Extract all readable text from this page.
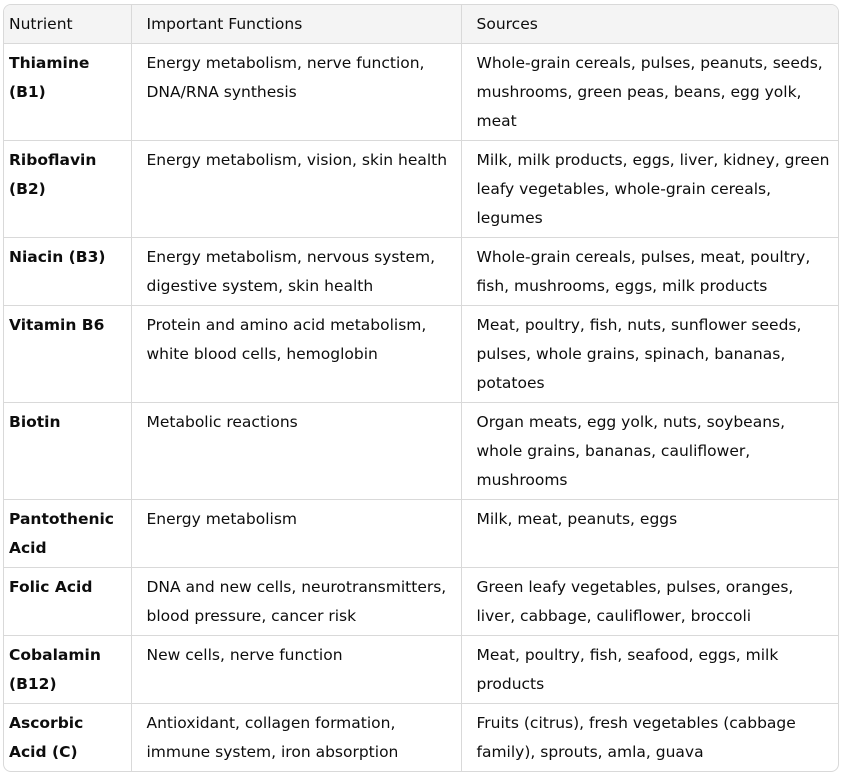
Nutrient	Important Functions	Sources
Thiamine (B1)	Energy metabolism, nerve function, DNA/RNA synthesis	Whole-grain cereals, pulses, peanuts, seeds, mushrooms, green peas, beans, egg yolk, meat
Riboflavin (B2)	Energy metabolism, vision, skin health	Milk, milk products, eggs, liver, kidney, green leafy vegetables, whole-grain cereals, legumes
Niacin (B3)	Energy metabolism, nervous system, digestive system, skin health	Whole-grain cereals, pulses, meat, poultry, fish, mushrooms, eggs, milk products
Vitamin B6	Protein and amino acid metabolism, white blood cells, hemoglobin	Meat, poultry, fish, nuts, sunflower seeds, pulses, whole grains, spinach, bananas, potatoes
Biotin	Metabolic reactions	Organ meats, egg yolk, nuts, soybeans, whole grains, bananas, cauliflower, mushrooms
Pantothenic Acid	Energy metabolism	Milk, meat, peanuts, eggs
Folic Acid	DNA and new cells, neurotransmitters, blood pressure, cancer risk	Green leafy vegetables, pulses, oranges, liver, cabbage, cauliflower, broccoli
Cobalamin (B12)	New cells, nerve function	Meat, poultry, fish, seafood, eggs, milk products
Ascorbic Acid (C)	Antioxidant, collagen formation, immune system, iron absorption	Fruits (citrus), fresh vegetables (cabbage family), sprouts, amla, guava
